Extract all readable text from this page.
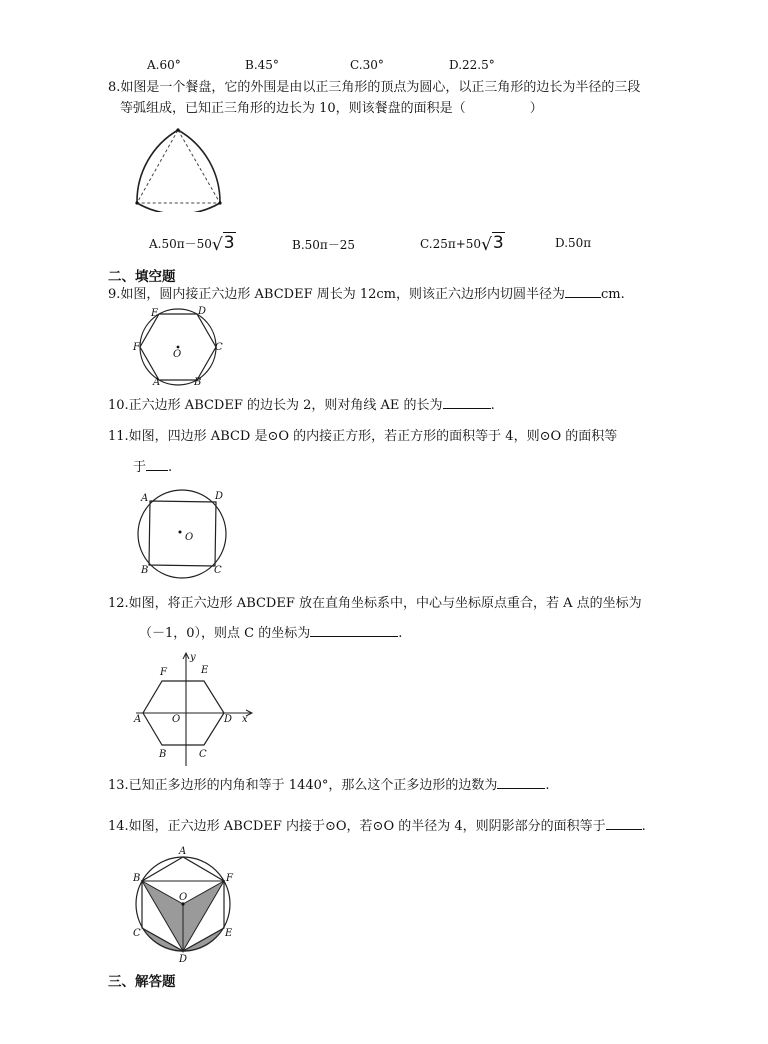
A.60°	B.45°	C.30°	D.22.5°
8.如图是一个餐盘，它的外围是由以正三角形的顶点为圆心，以正三角形的边长为半径的三段
等弧组成，已知正三角形的边长为 10，则该餐盘的面积是（	）
A.50π－50√3	B.50π－25	C.25π+50√3	D.50π
二、填空题
9.如图，圆内接正六边形 ABCDEF 周长为 12cm，则该正六边形内切圆半径为	cm.
E	D
F	C
A	B
O
10.正六边形 ABCDEF 的边长为 2，则对角线 AE 的长为	.
11.如图，四边形 ABCD 是⊙O 的内接正方形，若正方形的面积等于 4，则⊙O 的面积等
于 .
A	D
B	C
O
12.如图，将正六边形 ABCDEF 放在直角坐标系中，中心与坐标原点重合，若 A 点的坐标为
（－1，0），则点 C 的坐标为	.
y
F	E
A	O	D x
B	C
13.已知正多边形的内角和等于 1440°，那么这个正多边形的边数为	.
14.如图，正六边形 ABCDEF 内接于⊙O，若⊙O 的半径为 4，则阴影部分的面积等于	.
A
B	F
O
C	E
D
三、解答题
